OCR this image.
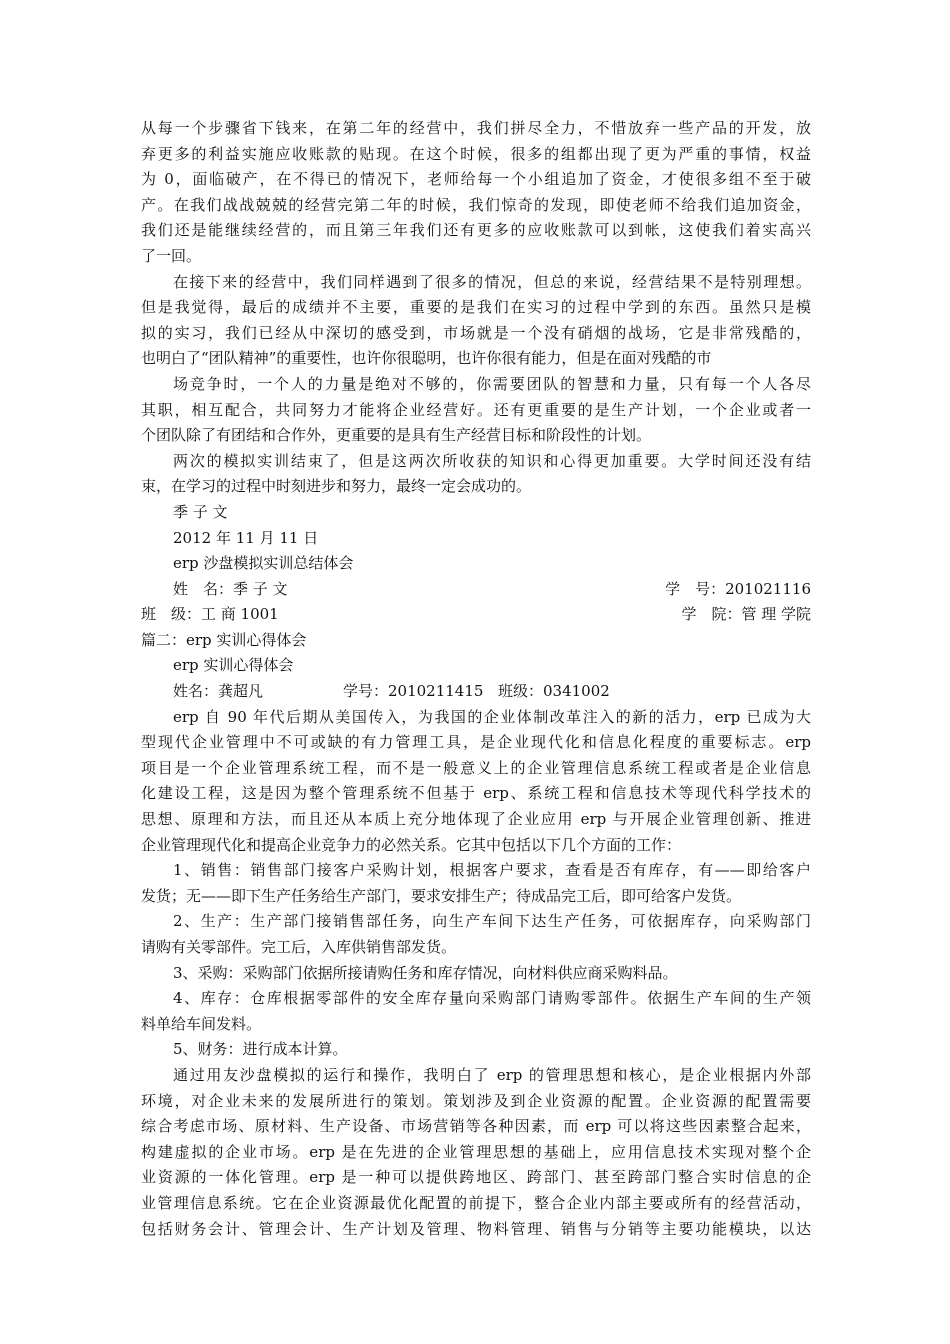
从每一个步骤省下钱来，在第二年的经营中，我们拼尽全力，不惜放弃一些产品的开发，放
弃更多的利益实施应收账款的贴现。在这个时候，很多的组都出现了更为严重的事情，权益
为 0，面临破产，在不得已的情况下，老师给每一个小组追加了资金，才使很多组不至于破
产。在我们战战兢兢的经营完第二年的时候，我们惊奇的发现，即使老师不给我们追加资金，
我们还是能继续经营的，而且第三年我们还有更多的应收账款可以到帐，这使我们着实高兴
了一回。
在接下来的经营中，我们同样遇到了很多的情况，但总的来说，经营结果不是特别理想。
但是我觉得，最后的成绩并不主要，重要的是我们在实习的过程中学到的东西。虽然只是模
拟的实习，我们已经从中深切的感受到，市场就是一个没有硝烟的战场，它是非常残酷的，
也明白了“团队精神”的重要性，也许你很聪明，也许你很有能力，但是在面对残酷的市
场竞争时，一个人的力量是绝对不够的，你需要团队的智慧和力量，只有每一个人各尽
其职，相互配合，共同努力才能将企业经营好。还有更重要的是生产计划，一个企业或者一
个团队除了有团结和合作外，更重要的是具有生产经营目标和阶段性的计划。
两次的模拟实训结束了，但是这两次所收获的知识和心得更加重要。大学时间还没有结
束，在学习的过程中时刻进步和努力，最终一定会成功的。
季 子 文
2012 年 11 月 11 日
erp 沙盘模拟实训总结体会
姓　名：季 子 文	学　号：201021116
班　级：工 商 1001	学　院：管 理 学院
篇二：erp 实训心得体会
erp 实训心得体会
姓名：龚超凡	学号：2010211415 班级：0341002
erp 自 90 年代后期从美国传入，为我国的企业体制改革注入的新的活力，erp 已成为大
型现代企业管理中不可或缺的有力管理工具，是企业现代化和信息化程度的重要标志。erp
项目是一个企业管理系统工程，而不是一般意义上的企业管理信息系统工程或者是企业信息
化建设工程，这是因为整个管理系统不但基于 erp、系统工程和信息技术等现代科学技术的
思想、原理和方法，而且还从本质上充分地体现了企业应用 erp 与开展企业管理创新、推进
企业管理现代化和提高企业竞争力的必然关系。它其中包括以下几个方面的工作：
1、销售：销售部门接客户采购计划，根据客户要求，查看是否有库存，有——即给客户
发货；无——即下生产任务给生产部门，要求安排生产；待成品完工后，即可给客户发货。
2、生产：生产部门接销售部任务，向生产车间下达生产任务，可依据库存，向采购部门
请购有关零部件。完工后，入库供销售部发货。
3、采购：采购部门依据所接请购任务和库存情况，向材料供应商采购料品。
4、库存：仓库根据零部件的安全库存量向采购部门请购零部件。依据生产车间的生产领
料单给车间发料。
5、财务：进行成本计算。
通过用友沙盘模拟的运行和操作，我明白了 erp 的管理思想和核心，是企业根据内外部
环境，对企业未来的发展所进行的策划。策划涉及到企业资源的配置。企业资源的配置需要
综合考虑市场、原材料、生产设备、市场营销等各种因素，而 erp 可以将这些因素整合起来，
构建虚拟的企业市场。erp 是在先进的企业管理思想的基础上，应用信息技术实现对整个企
业资源的一体化管理。erp 是一种可以提供跨地区、跨部门、甚至跨部门整合实时信息的企
业管理信息系统。它在企业资源最优化配置的前提下，整合企业内部主要或所有的经营活动，
包括财务会计、管理会计、生产计划及管理、物料管理、销售与分销等主要功能模块，以达
